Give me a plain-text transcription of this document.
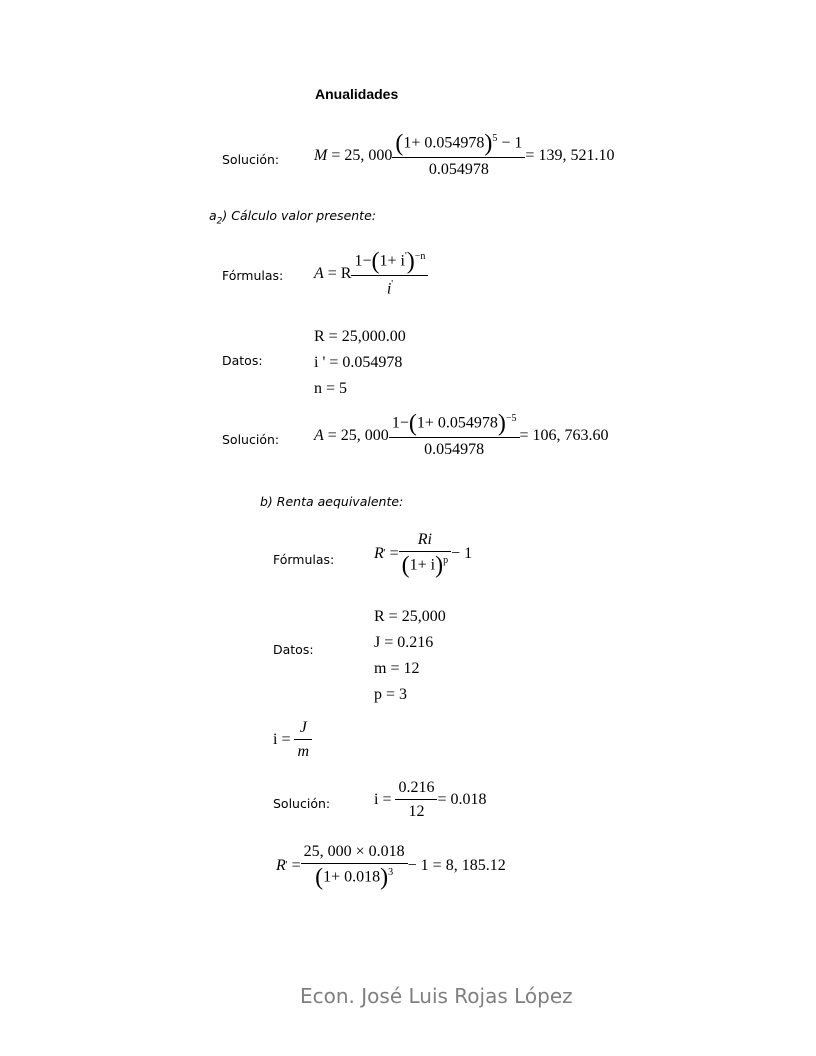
Anualidades
Solución: M
= 25, $000 \frac{(1+ 0.054978)^5 - 1}{0.054978} = 139$, 521.10
$a_2$) Cálculo valor presente:
Fórmulas: A
= R $\frac{1-(1+ i')^{-n}}{i'}$
Datos:
R = 25,000.00
i ' = 0.054978
n = 5
Solución: A
= 25, $000 \frac{1-(1+ 0.054978)^{-5}}{0.054978} = 106$, 763.60
b) Renta aequivalente:
Fórmulas: R '
= $\frac{Ri}{(1+ i)^p} - 1$
Datos:
R = 25,000
J = 0.216
m = 12
p = 3
i =
$\frac{J}{m}$
Solución:	i =
$\frac{0.216}{12} = 0.018$
R '
= $\frac{25, 000 \times 0.018}{(1+ 0.018)^3} - 1 = 8$, 185.12
Econ. José Luis Rojas López
